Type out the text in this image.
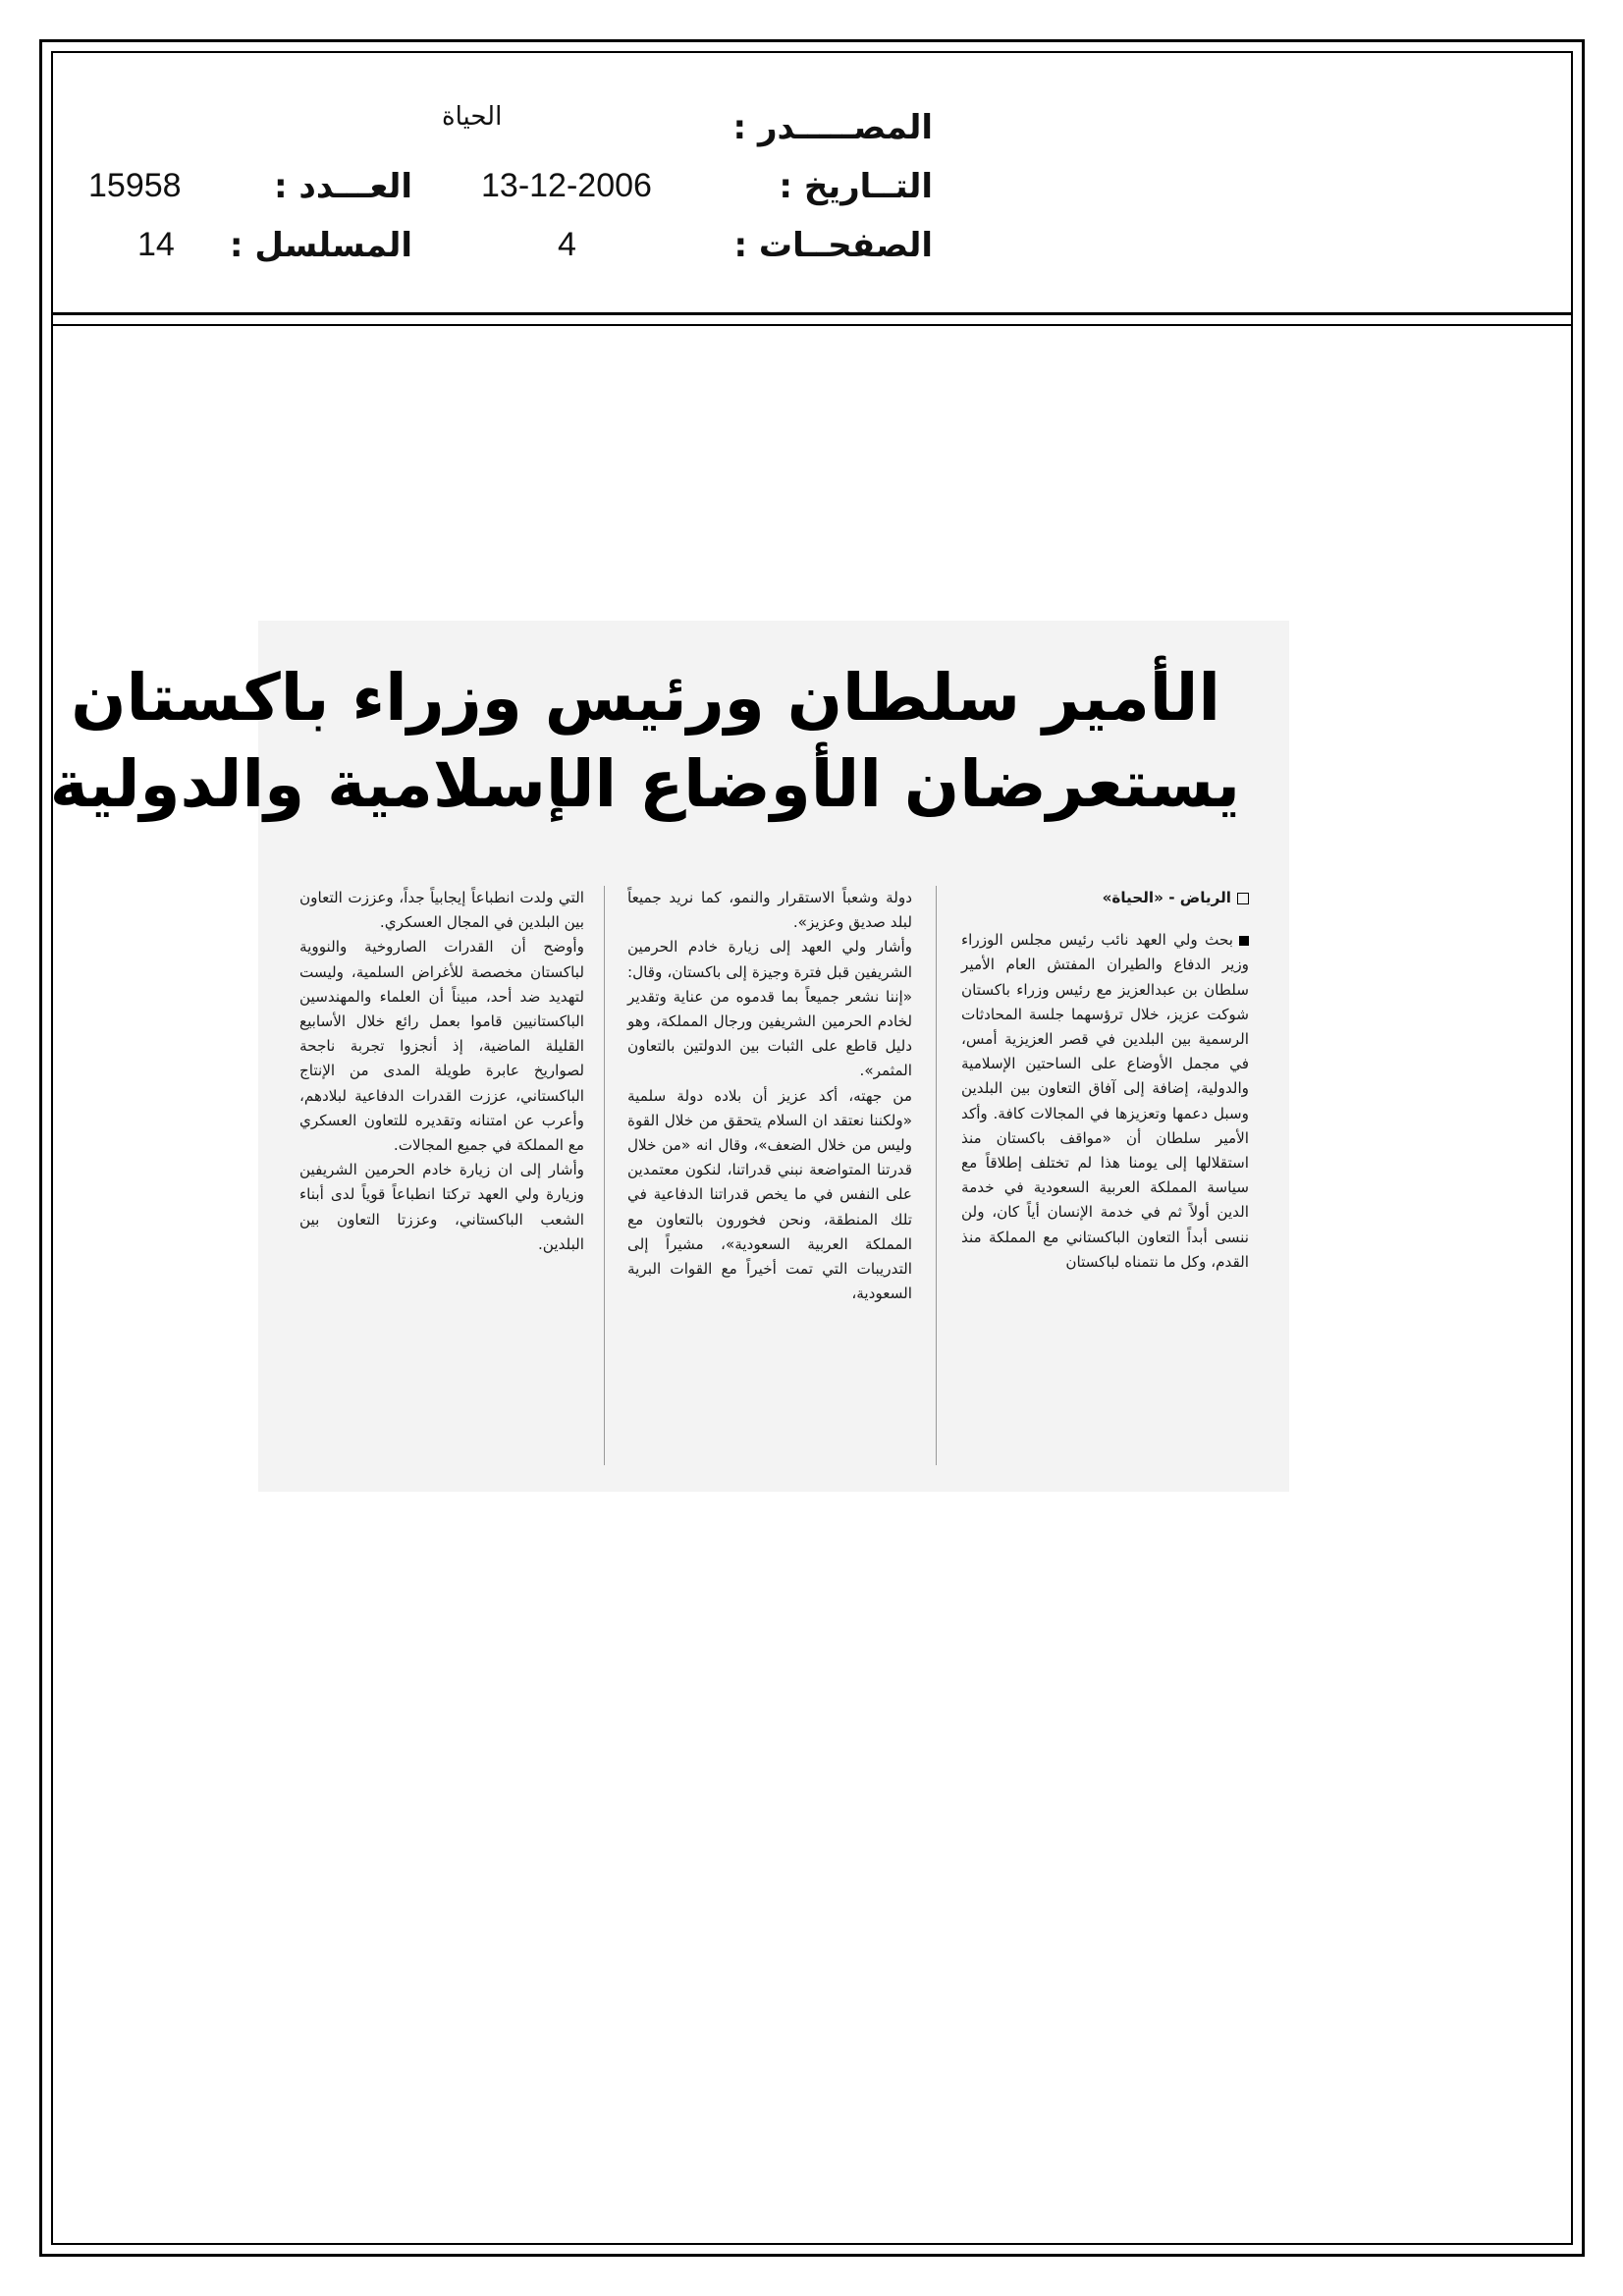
المصـــــدر :
الحياة
التــاريخ :
13-12-2006
العـــدد :
15958
الصفحــات :
4
المسلسل :
14
الأمير سلطان ورئيس وزراء باكستان
يستعرضان الأوضاع الإسلامية والدولية

الرياض - «الحياة»

بحث ولي العهد نائب رئيس مجلس الوزراء وزير الدفاع والطيران المفتش العام الأمير سلطان بن عبدالعزيز مع رئيس وزراء باكستان شوكت عزيز، خلال ترؤسهما جلسة المحادثات الرسمية بين البلدين في قصر العزيزية أمس، في مجمل الأوضاع على الساحتين الإسلامية والدولية، إضافة إلى آفاق التعاون بين البلدين وسبل دعمها وتعزيزها في المجالات كافة. وأكد الأمير سلطان أن «مواقف باكستان منذ استقلالها إلى يومنا هذا لم تختلف إطلاقاً مع سياسة المملكة العربية السعودية في خدمة الدين أولاً ثم في خدمة الإنسان أياً كان، ولن ننسى أبداً التعاون الباكستاني مع المملكة منذ القدم، وكل ما نتمناه لباكستان

دولة وشعباً الاستقرار والنمو، كما نريد جميعاً لبلد صديق وعزيز».

وأشار ولي العهد إلى زيارة خادم الحرمين الشريفين قبل فترة وجيزة إلى باكستان، وقال: «إننا نشعر جميعاً بما قدموه من عناية وتقدير لخادم الحرمين الشريفين ورجال المملكة، وهو دليل قاطع على الثبات بين الدولتين بالتعاون المثمر».

من جهته، أكد عزيز أن بلاده دولة سلمية «ولكننا نعتقد ان السلام يتحقق من خلال القوة وليس من خلال الضعف»، وقال انه «من خلال قدرتنا المتواضعة نبني قدراتنا، لنكون معتمدين على النفس في ما يخص قدراتنا الدفاعية في تلك المنطقة، ونحن فخورون بالتعاون مع المملكة العربية السعودية»، مشيراً إلى التدريبات التي تمت أخيراً مع القوات البرية السعودية،

التي ولدت انطباعاً إيجابياً جداً، وعززت التعاون بين البلدين في المجال العسكري.

وأوضح أن القدرات الصاروخية والنووية لباكستان مخصصة للأغراض السلمية، وليست لتهديد ضد أحد، مبيناً أن العلماء والمهندسين الباكستانيين قاموا بعمل رائع خلال الأسابيع القليلة الماضية، إذ أنجزوا تجربة ناجحة لصواريخ عابرة طويلة المدى من الإنتاج الباكستاني، عززت القدرات الدفاعية لبلادهم، وأعرب عن امتنانه وتقديره للتعاون العسكري مع المملكة في جميع المجالات.

وأشار إلى ان زيارة خادم الحرمين الشريفين وزيارة ولي العهد تركتا انطباعاً قوياً لدى أبناء الشعب الباكستاني، وعززتا التعاون بين البلدين.
